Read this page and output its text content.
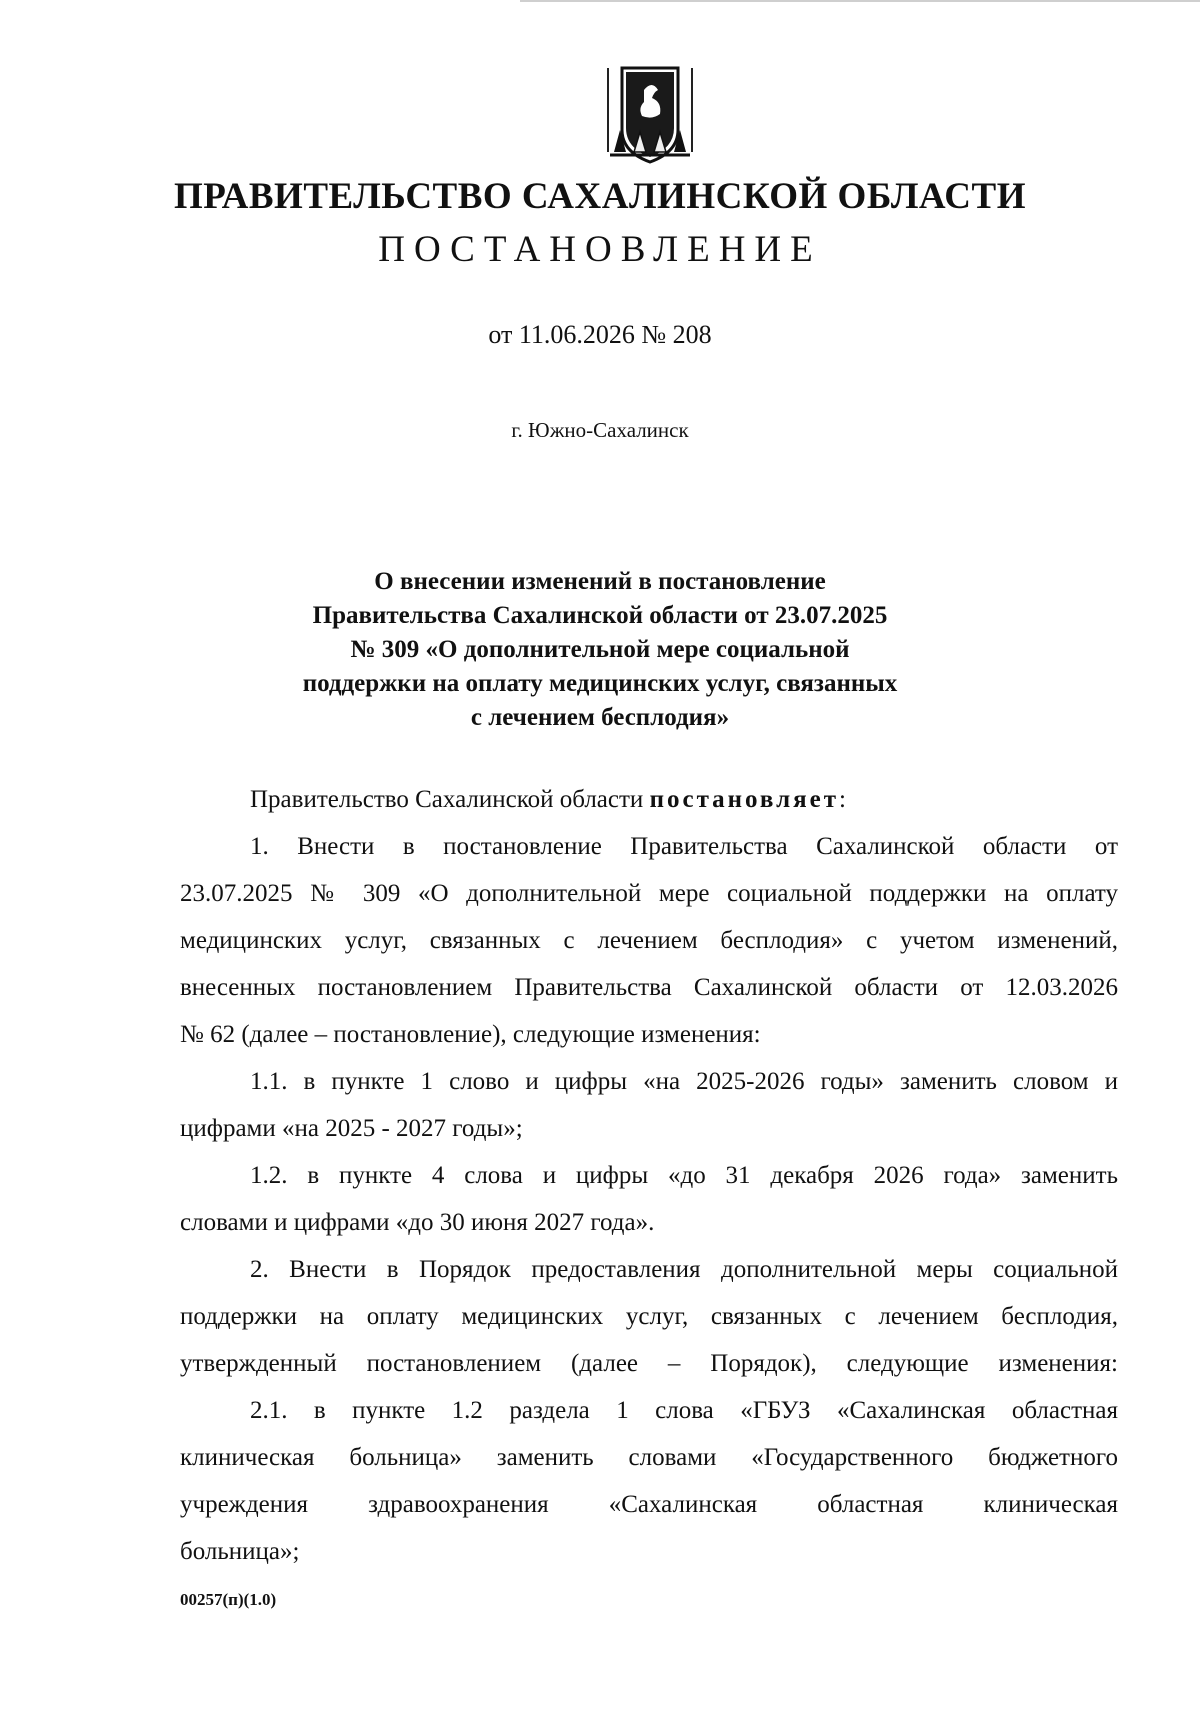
ПРАВИТЕЛЬСТВО САХАЛИНСКОЙ ОБЛАСТИ
ПОСТАНОВЛЕНИЕ
от 11.06.2026 № 208
г. Южно-Сахалинск
О внесении изменений в постановление
Правительства Сахалинской области от 23.07.2025
№ 309 «О дополнительной мере социальной
поддержки на оплату медицинских услуг, связанных
с лечением бесплодия»
Правительство Сахалинской области постановляет:
1. Внести в постановление Правительства Сахалинской области от
23.07.2025 № 309 «О дополнительной мере социальной поддержки на оплату
медицинских услуг, связанных с лечением бесплодия» с учетом изменений,
внесенных постановлением Правительства Сахалинской области от 12.03.2026
№ 62 (далее – постановление), следующие изменения:
1.1. в пункте 1 слово и цифры «на 2025-2026 годы» заменить словом и
цифрами «на 2025 - 2027 годы»;
1.2. в пункте 4 слова и цифры «до 31 декабря 2026 года» заменить
словами и цифрами «до 30 июня 2027 года».
2. Внести в Порядок предоставления дополнительной меры социальной
поддержки на оплату медицинских услуг, связанных с лечением бесплодия,
утвержденный постановлением (далее – Порядок), следующие изменения:
2.1. в пункте 1.2 раздела 1 слова «ГБУЗ «Сахалинская областная
клиническая больница» заменить словами «Государственного бюджетного
учреждения здравоохранения «Сахалинская областная клиническая
больница»;
00257(п)(1.0)
